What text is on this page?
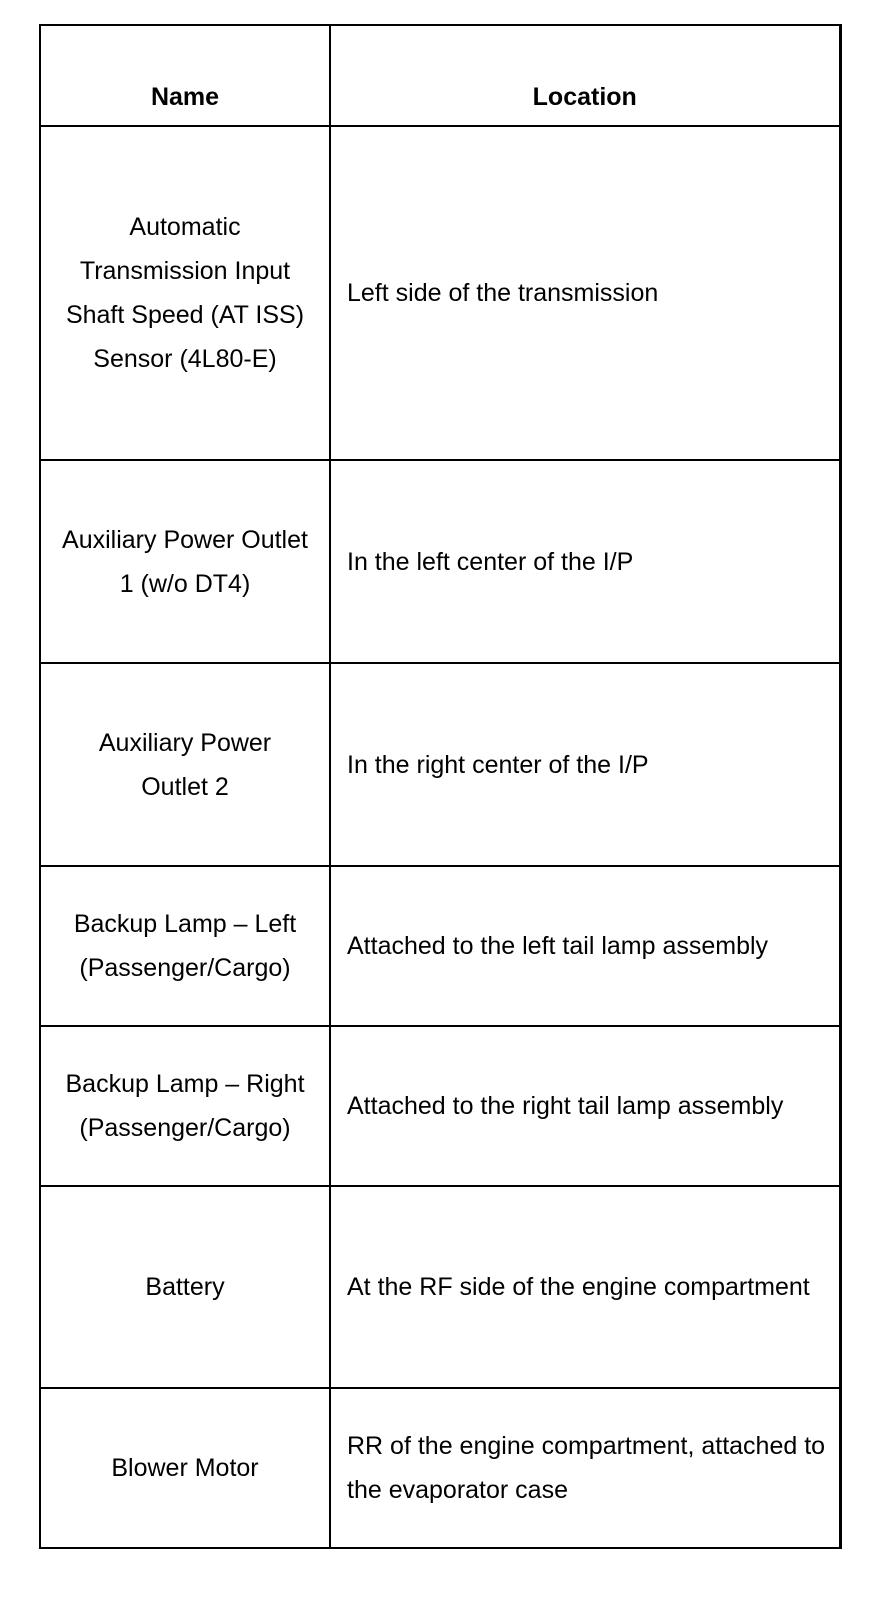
Name	Location
Automatic Transmission Input Shaft Speed (AT ISS) Sensor (4L80-E)	Left side of the transmission
Auxiliary Power Outlet 1 (w/o DT4)	In the left center of the I/P
Auxiliary Power Outlet 2	In the right center of the I/P
Backup Lamp – Left (Passenger/Cargo)	Attached to the left tail lamp assembly
Backup Lamp – Right (Passenger/Cargo)	Attached to the right tail lamp assembly
Battery	At the RF side of the engine compartment
Blower Motor	RR of the engine compartment, attached to the evaporator case
